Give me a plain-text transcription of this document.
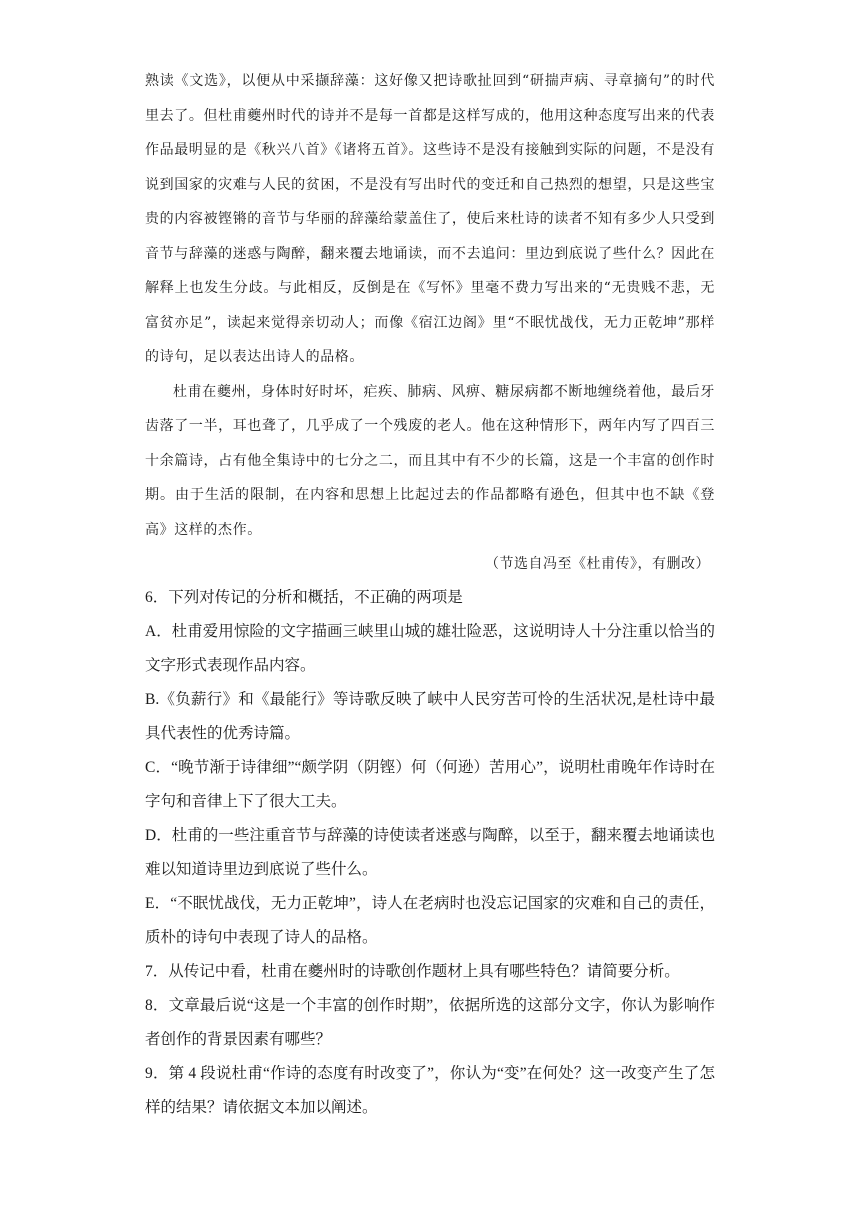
熟读《文选》，以便从中采撷辞藻：这好像又把诗歌扯回到“研揣声病、寻章摘句”的时代里去了。但杜甫夔州时代的诗并不是每一首都是这样写成的，他用这种态度写出来的代表作品最明显的是《秋兴八首》《诸将五首》。这些诗不是没有接触到实际的问题，不是没有说到国家的灾难与人民的贫困，不是没有写出时代的变迁和自己热烈的想望，只是这些宝贵的内容被铿锵的音节与华丽的辞藻给蒙盖住了，使后来杜诗的读者不知有多少人只受到音节与辞藻的迷惑与陶醉，翻来覆去地诵读，而不去追问：里边到底说了些什么？因此在解释上也发生分歧。与此相反，反倒是在《写怀》里毫不费力写出来的“无贵贱不悲，无富贫亦足”，读起来觉得亲切动人；而像《宿江边阁》里“不眠忧战伐，无力正乾坤”那样的诗句，足以表达出诗人的品格。

杜甫在夔州，身体时好时坏，疟疾、肺病、风痹、糖尿病都不断地缠绕着他，最后牙齿落了一半，耳也聋了，几乎成了一个残废的老人。他在这种情形下，两年内写了四百三十余篇诗，占有他全集诗中的七分之二，而且其中有不少的长篇，这是一个丰富的创作时期。由于生活的限制，在内容和思想上比起过去的作品都略有逊色，但其中也不缺《登高》这样的杰作。

（节选自冯至《杜甫传》，有删改）

6．下列对传记的分析和概括，不正确的两项是

A．杜甫爱用惊险的文字描画三峡里山城的雄壮险恶，这说明诗人十分注重以恰当的文字形式表现作品内容。

B.《负薪行》和《最能行》等诗歌反映了峡中人民穷苦可怜的生活状况,是杜诗中最具代表性的优秀诗篇。

C．“晚节渐于诗律细”“颇学阴（阴铿）何（何逊）苦用心”，说明杜甫晚年作诗时在字句和音律上下了很大工夫。

D．杜甫的一些注重音节与辞藻的诗使读者迷惑与陶醉，以至于，翻来覆去地诵读也难以知道诗里边到底说了些什么。

E．“不眠忧战伐，无力正乾坤”，诗人在老病时也没忘记国家的灾难和自己的责任，质朴的诗句中表现了诗人的品格。

7．从传记中看，杜甫在夔州时的诗歌创作题材上具有哪些特色？请简要分析。

8．文章最后说“这是一个丰富的创作时期”，依据所选的这部分文字，你认为影响作者创作的背景因素有哪些？

9．第 4 段说杜甫“作诗的态度有时改变了”，你认为“变”在何处？这一改变产生了怎样的结果？请依据文本加以阐述。
